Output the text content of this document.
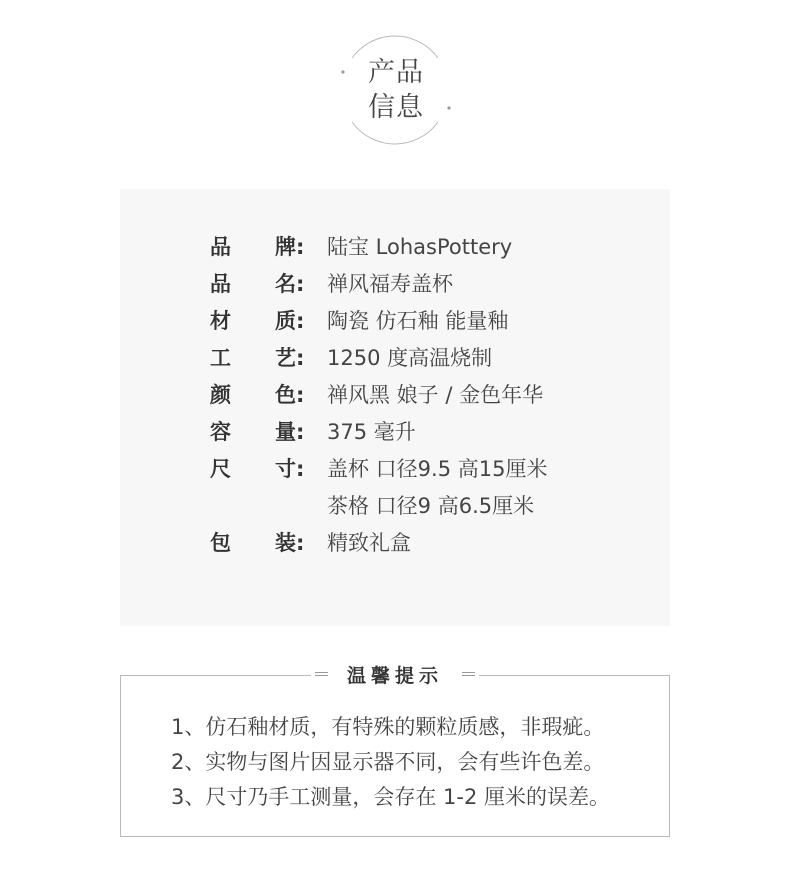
产品
信息
品 牌: 陆宝 LohasPottery
品 名: 禅风福寿盖杯
材 质: 陶瓷 仿石釉 能量釉
工 艺: 1250 度高温烧制
颜 色: 禅风黑 娘子 / 金色年华
容 量: 375 毫升
尺 寸: 盖杯 口径9.5 高15厘米
茶格 口径9 高6.5厘米
包 装: 精致礼盒
温馨提示
1、仿石釉材质，有特殊的颗粒质感，非瑕疵。
2、实物与图片因显示器不同，会有些许色差。
3、尺寸乃手工测量，会存在 1-2 厘米的误差。
